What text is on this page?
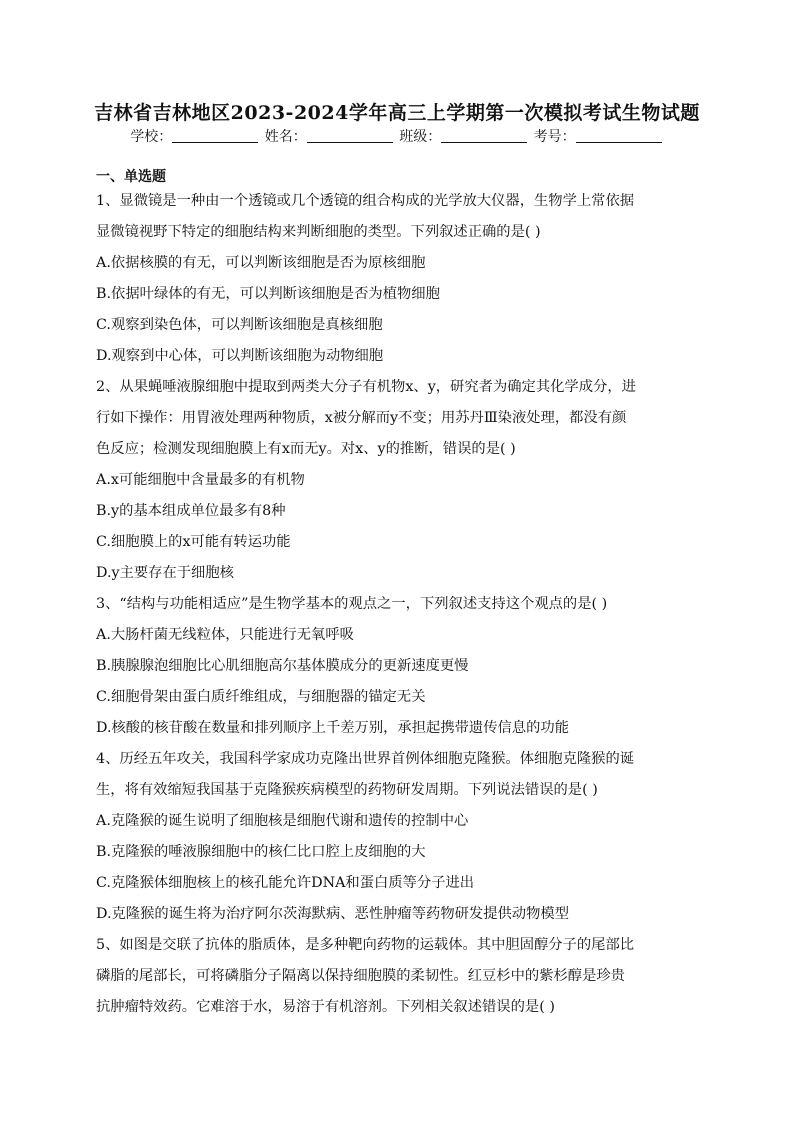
吉林省吉林地区2023-2024学年高三上学期第一次模拟考试生物试题
学校：	姓名：	班级：	考号：
一、单选题
1、显微镜是一种由一个透镜或几个透镜的组合构成的光学放大仪器，生物学上常依据
显微镜视野下特定的细胞结构来判断细胞的类型。下列叙述正确的是( )
A.依据核膜的有无，可以判断该细胞是否为原核细胞
B.依据叶绿体的有无，可以判断该细胞是否为植物细胞
C.观察到染色体，可以判断该细胞是真核细胞
D.观察到中心体，可以判断该细胞为动物细胞
2、从果蝇唾液腺细胞中提取到两类大分子有机物x、y，研究者为确定其化学成分，进
行如下操作：用胃液处理两种物质，x被分解而y不变；用苏丹Ⅲ染液处理，都没有颜
色反应；检测发现细胞膜上有x而无y。对x、y的推断，错误的是( )
A.x可能细胞中含量最多的有机物
B.y的基本组成单位最多有8种
C.细胞膜上的x可能有转运功能
D.y主要存在于细胞核
3、“结构与功能相适应”是生物学基本的观点之一，下列叙述支持这个观点的是( )
A.大肠杆菌无线粒体，只能进行无氧呼吸
B.胰腺腺泡细胞比心肌细胞高尔基体膜成分的更新速度更慢
C.细胞骨架由蛋白质纤维组成，与细胞器的锚定无关
D.核酸的核苷酸在数量和排列顺序上千差万别，承担起携带遗传信息的功能
4、历经五年攻关，我国科学家成功克隆出世界首例体细胞克隆猴。体细胞克隆猴的诞
生，将有效缩短我国基于克隆猴疾病模型的药物研发周期。下列说法错误的是( )
A.克隆猴的诞生说明了细胞核是细胞代谢和遗传的控制中心
B.克隆猴的唾液腺细胞中的核仁比口腔上皮细胞的大
C.克隆猴体细胞核上的核孔能允许DNA和蛋白质等分子进出
D.克隆猴的诞生将为治疗阿尔茨海默病、恶性肿瘤等药物研发提供动物模型
5、如图是交联了抗体的脂质体，是多种靶向药物的运载体。其中胆固醇分子的尾部比
磷脂的尾部长，可将磷脂分子隔离以保持细胞膜的柔韧性。红豆杉中的紫杉醇是珍贵
抗肿瘤特效药。它难溶于水，易溶于有机溶剂。下列相关叙述错误的是( )
